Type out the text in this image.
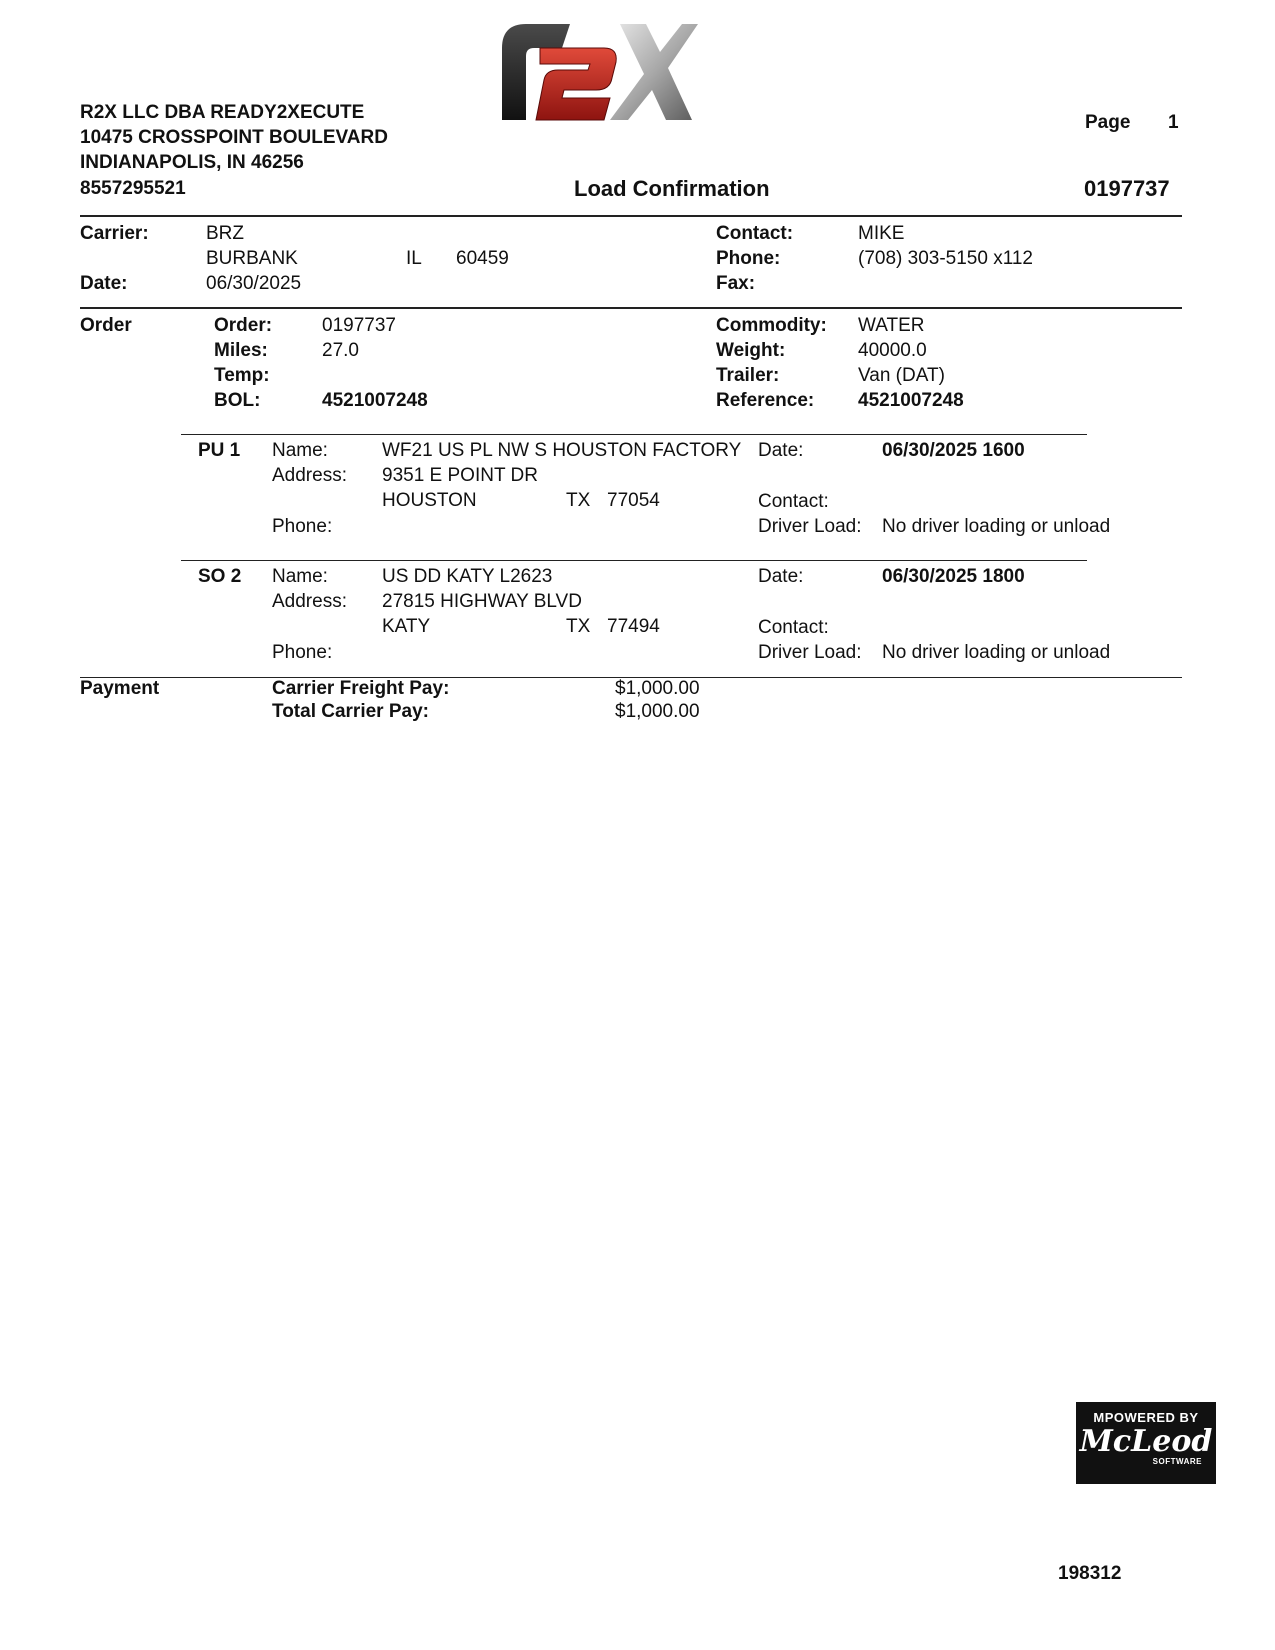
R2X LLC DBA READY2XECUTE
10475 CROSSPOINT BOULEVARD
INDIANAPOLIS, IN 46256
8557295521
Page 1
Load Confirmation	0197737
Carrier:	BRZ
BURBANK	IL 60459
Date:	06/30/2025
Contact:	MIKE
Phone:	(708) 303-5150 x112
Fax:
Order	Order:	0197737
Miles:	27.0
Temp:
BOL:	4521007248
Commodity: WATER
Weight:	40000.0
Trailer:	Van (DAT)
Reference: 4521007248
PU 1 Name:	WF21 US PL NW S HOUSTON FACTORY
Address: 9351 E POINT DR
HOUSTON	TX 77054
Phone:
Date:	06/30/2025 1600
Contact:
Driver Load: No driver loading or unload
SO 2 Name:	US DD KATY L2623
Address: 27815 HIGHWAY BLVD
KATY	TX 77494
Phone:
Date:	06/30/2025 1800
Contact:
Driver Load: No driver loading or unload
Payment	Carrier Freight Pay:	$1,000.00
Total Carrier Pay:	$1,000.00
MPOWERED BY
McLeod
SOFTWARE
198312
